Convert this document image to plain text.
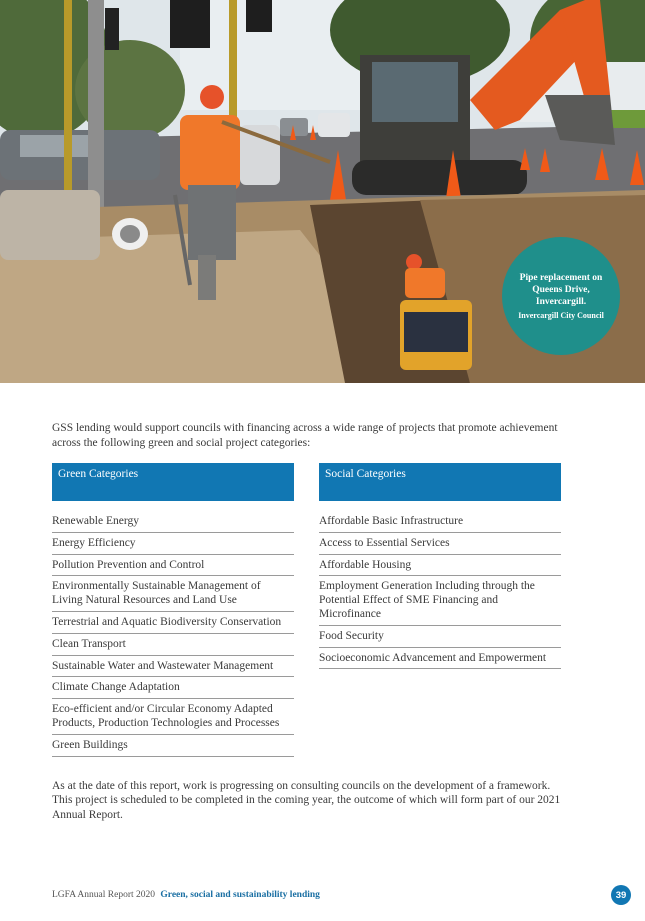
Pipe replacement on Queens Drive, Invercargill.
Invercargill City Council

GSS lending would support councils with financing across a wide range of projects that promote achievement across the following green and social project categories:

Green Categories
Renewable Energy
Energy Efficiency
Pollution Prevention and Control
Environmentally Sustainable Management of Living Natural Resources and Land Use
Terrestrial and Aquatic Biodiversity Conservation
Clean Transport
Sustainable Water and Wastewater Management
Climate Change Adaptation
Eco-efficient and/or Circular Economy Adapted Products, Production Technologies and Processes
Green Buildings
Social Categories
Affordable Basic Infrastructure
Access to Essential Services
Affordable Housing
Employment Generation Including through the Potential Effect of SME Financing and Microfinance
Food Security
Socioeconomic Advancement and Empowerment

As at the date of this report, work is progressing on consulting councils on the development of a framework. This project is scheduled to be completed in the coming year, the outcome of which will form part of our 2021 Annual Report.

LGFA Annual Report 2020 Green, social and sustainability lending	39
